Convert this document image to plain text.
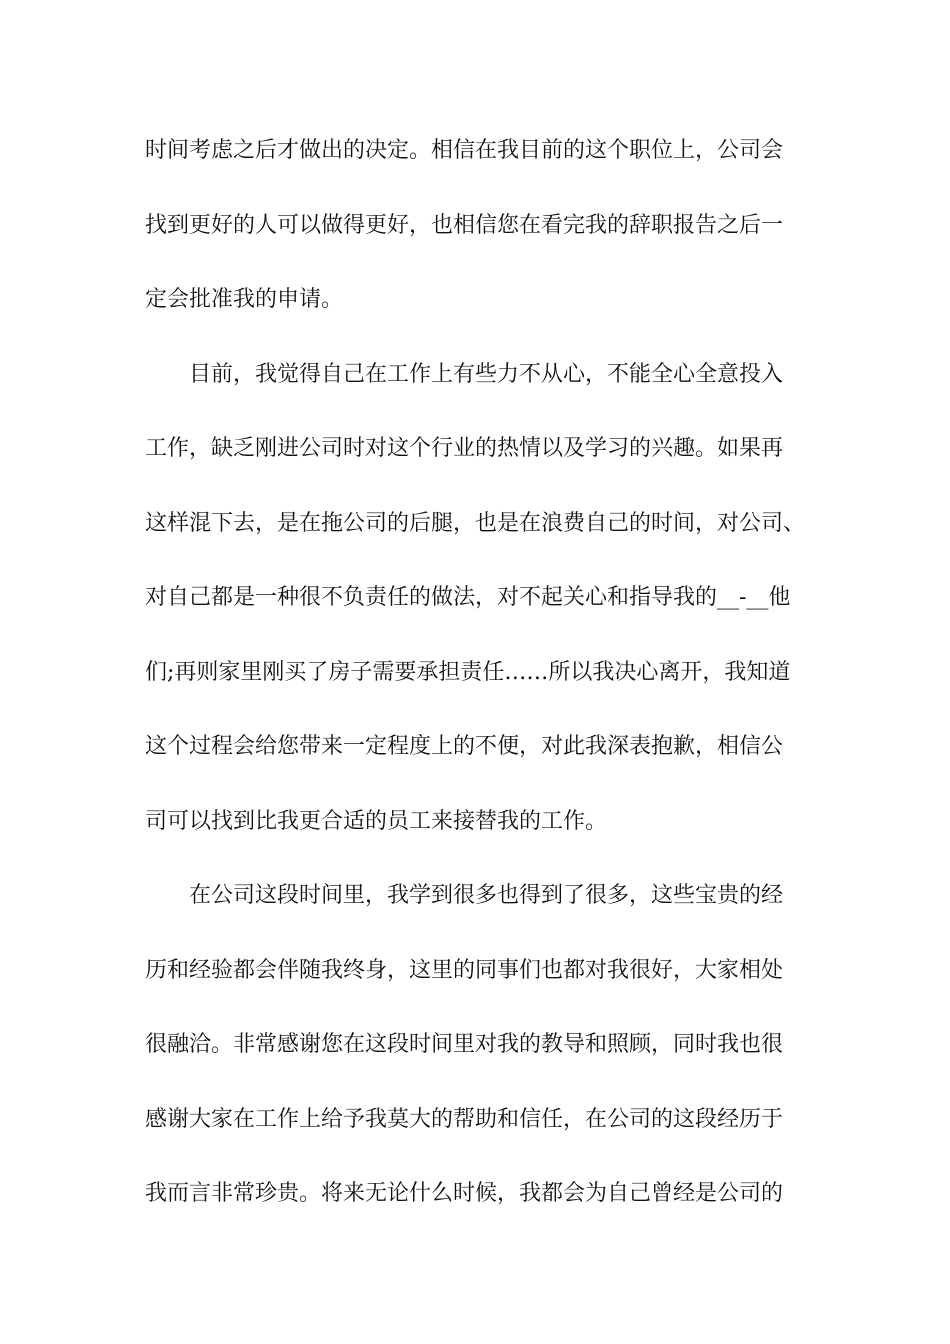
时间考虑之后才做出的决定。相信在我目前的这个职位上，公司会
找到更好的人可以做得更好，也相信您在看完我的辞职报告之后一
定会批准我的申请。
目前，我觉得自己在工作上有些力不从心，不能全心全意投入
工作，缺乏刚进公司时对这个行业的热情以及学习的兴趣。如果再
这样混下去，是在拖公司的后腿，也是在浪费自己的时间，对公司、
对自己都是一种很不负责任的做法，对不起关心和指导我的__-__他
们;再则家里刚买了房子需要承担责任……所以我决心离开，我知道
这个过程会给您带来一定程度上的不便，对此我深表抱歉，相信公
司可以找到比我更合适的员工来接替我的工作。
在公司这段时间里，我学到很多也得到了很多，这些宝贵的经
历和经验都会伴随我终身，这里的同事们也都对我很好，大家相处
很融洽。非常感谢您在这段时间里对我的教导和照顾，同时我也很
感谢大家在工作上给予我莫大的帮助和信任，在公司的这段经历于
我而言非常珍贵。将来无论什么时候，我都会为自己曾经是公司的
